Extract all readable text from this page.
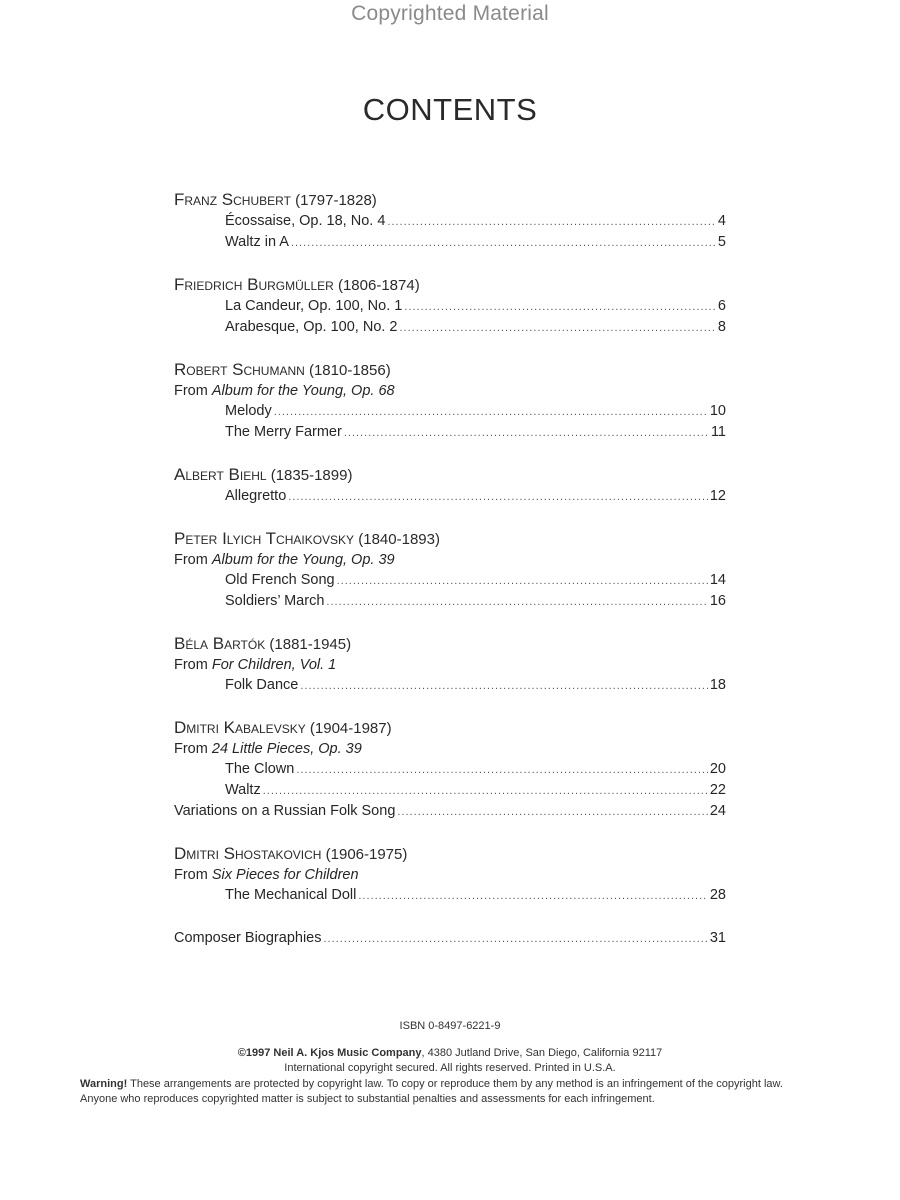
Copyrighted Material
CONTENTS
Franz Schubert (1797-1828)
Écossaise, Op. 18, No. 4 .....	4
Waltz in A .....	5
Friedrich Burgmüller (1806-1874)
La Candeur, Op. 100, No. 1 .....	6
Arabesque, Op. 100, No. 2 .....	8
Robert Schumann (1810-1856)
From Album for the Young, Op. 68
Melody .....	10
The Merry Farmer .....	11
Albert Biehl (1835-1899)
Allegretto .....	12
Peter Ilyich Tchaikovsky (1840-1893)
From Album for the Young, Op. 39
Old French Song .....	14
Soldiers’ March .....	16
Béla Bartók (1881-1945)
From For Children, Vol. 1
Folk Dance .....	18
Dmitri Kabalevsky (1904-1987)
From 24 Little Pieces, Op. 39
The Clown .....	20
Waltz .....	22
Variations on a Russian Folk Song .....	24
Dmitri Shostakovich (1906-1975)
From Six Pieces for Children
The Mechanical Doll .....	28
Composer Biographies .....	31
ISBN 0-8497-6221-9
©1997 Neil A. Kjos Music Company, 4380 Jutland Drive, San Diego, California 92117
International copyright secured. All rights reserved. Printed in U.S.A.
Warning! These arrangements are protected by copyright law. To copy or reproduce them by any method is an infringement of the copyright law. Anyone who reproduces copyrighted matter is subject to substantial penalties and assessments for each infringement.
